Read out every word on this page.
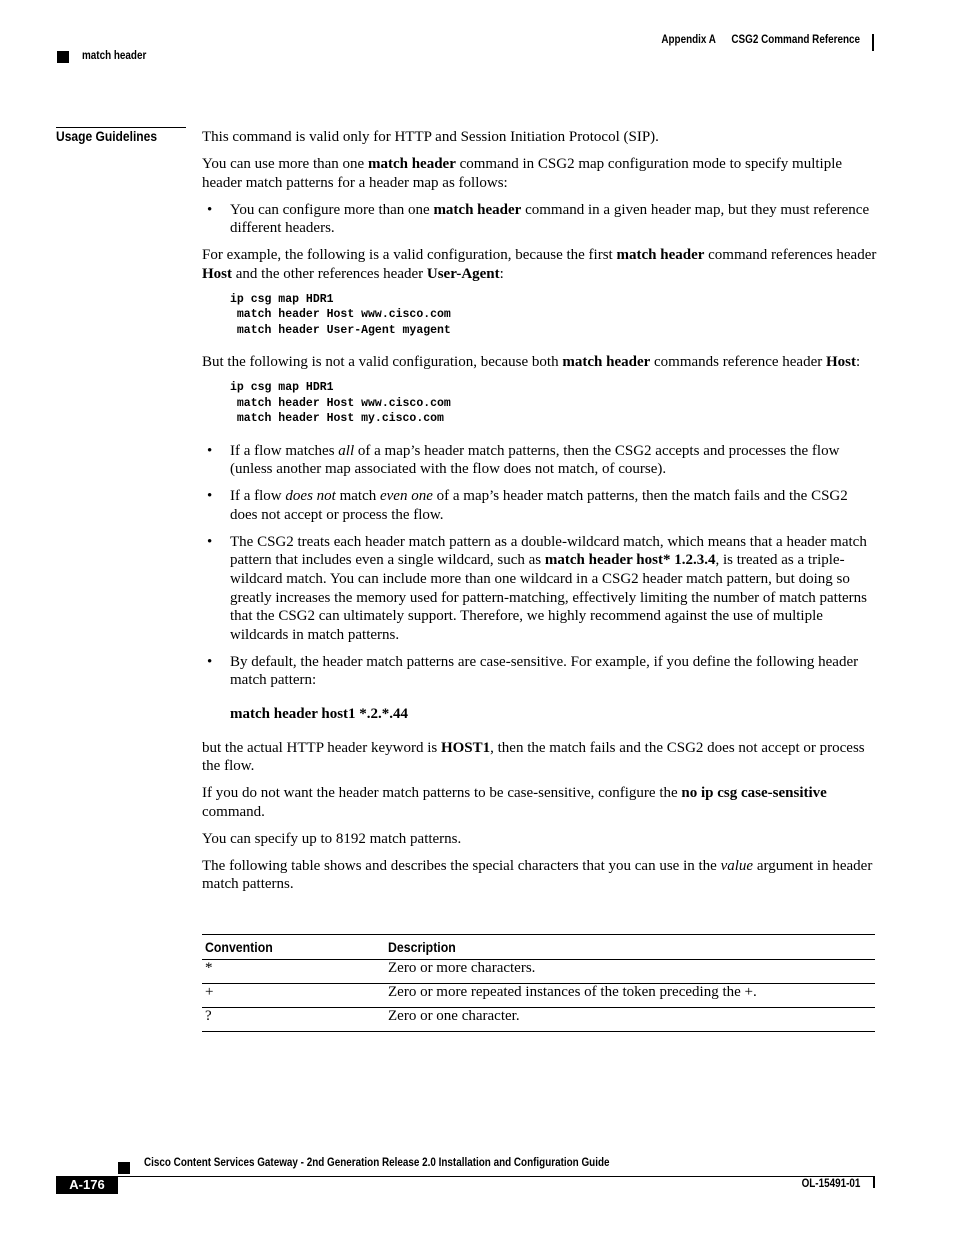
Appendix A CSG2 Command Reference
match header
Usage Guidelines	This command is valid only for HTTP and Session Initiation Protocol (SIP).

You can use more than one match header command in CSG2 map configuration mode to specify multiple header match patterns for a header map as follows:

• You can configure more than one match header command in a given header map, but they must reference different headers.

For example, the following is a valid configuration, because the first match header command references header Host and the other references header User-Agent:

ip csg map HDR1
match header Host www.cisco.com
match header User-Agent myagent

But the following is not a valid configuration, because both match header commands reference header Host:

ip csg map HDR1
match header Host www.cisco.com
match header Host my.cisco.com
• If a flow matches all of a map’s header match patterns, then the CSG2 accepts and processes the flow (unless another map associated with the flow does not match, of course).
• If a flow does not match even one of a map’s header match patterns, then the match fails and the CSG2 does not accept or process the flow.
• The CSG2 treats each header match pattern as a double-wildcard match, which means that a header match pattern that includes even a single wildcard, such as match header host* 1.2.3.4, is treated as a triple-wildcard match. You can include more than one wildcard in a CSG2 header match pattern, but doing so greatly increases the memory used for pattern-matching, effectively limiting the number of match patterns that the CSG2 can ultimately support. Therefore, we highly recommend against the use of multiple wildcards in match patterns.
• By default, the header match patterns are case-sensitive. For example, if you define the following header match pattern:
match header host1 *.2.*.44

but the actual HTTP header keyword is HOST1, then the match fails and the CSG2 does not accept or process the flow.

If you do not want the header match patterns to be case-sensitive, configure the no ip csg case-sensitive command.

You can specify up to 8192 match patterns.

The following table shows and describes the special characters that you can use in the value argument in header match patterns.

Convention	Description
*	Zero or more characters.
+	Zero or more repeated instances of the token preceding the +.
?	Zero or one character.
Cisco Content Services Gateway - 2nd Generation Release 2.0 Installation and Configuration Guide
A-176	OL-15491-01
